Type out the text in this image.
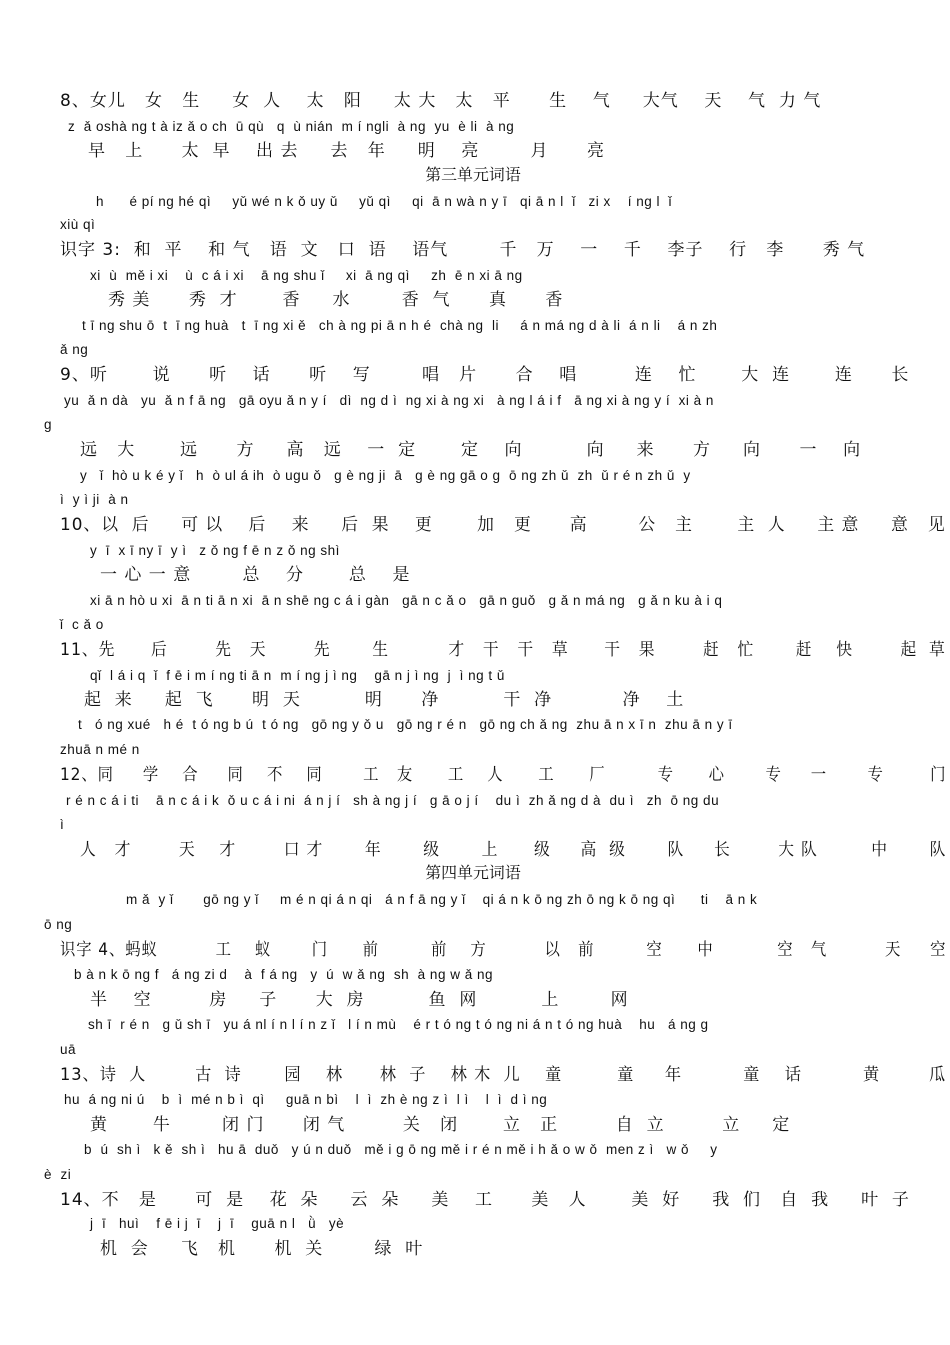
8、女儿   女   生     女  人    太   阳     太 大   太   平      生    气     大气    天    气  力 气
z  ǎ oshà ng t à iz ǎ o ch  ū qù   q  ù nián  m í ngli  à ng  yu  è li  à ng
早   上      太  早    出 去     去   年     明    亮        月      亮
第三单元词语
h      é pí ng hé qì     yǔ wé n k ǒ uy ǔ     yǔ qì     qi  ā n wà n y ī   qi ā n l  ǐ   zi x    í ng l  ǐ
xiù qì
识字 3:  和  平    和 气   语  文   口  语    语气        千   万    一    千    李子    行   李      秀 气
xi  ù  mě i xi    ù  c á i xi    ā ng shu ǐ     xi  ā ng qì     zh  ē n xi ā ng
秀 美      秀  才       香     水        香  气      真      香
t ī ng shu ō  t  ī ng huà   t  ī ng xi ě   ch à ng pi ā n h é  chà ng  li     á n má ng d à li  á n li    á n zh
ǎ ng
9、听       说      听    话      听    写        唱   片      合    唱         连    忙       大  连       连      长
yu  ǎ n dà   yu  ǎ n f ā ng   gā oyu ǎ n y í   dì  ng d ì  ng xi à ng xi   à ng l á i f   ā ng xi à ng y í  xi à n
g
远   大       远      方     高   远    一  定       定    向          向     来      方     向      一    向
y   ǐ  hò u k é y ǐ   h  ò ul á ih  ò ugu ǒ   g è ng ji  ā   g è ng gā o g  ō ng zh ǔ  zh  ǔ r é n zh ǔ  y
ì  y ì ji  à n
10、以  后     可 以    后    来     后  果    更       加   更      高        公   主       主  人     主 意     意   见
y  ī  x ī ny ī  y ì   z ǒ ng f ē n z ǒ ng shì
一 心 一 意        总    分       总    是
xi ā n hò u xi  ā n ti ā n xi  ā n shē ng c á i gàn   gā n c ǎ o   gā n guǒ   g ǎ n má ng   g ǎ n ku à i q
ǐ  c ǎ o
11、先      后        先   天        先       生          才   干   干   草      干   果        赶   忙       赶    快        起  草
qǐ  l á i q  ǐ  f ē i m í ng ti ā n  m í ng j ì ng    gā n j ì ng  j  ì ng t ǔ
起  来     起  飞      明  天          明      净          干  净           净    土
t   ó ng xué   h é  t ó ng b ú  t ó ng   gō ng y ǒ u   gō ng r é n   gō ng ch ǎ ng  zhu ā n x ī n  zhu ā n y ī
zhuā n mé n
12、同     学    合     同    不    同       工   友      工    人      工      厂         专      心       专     一       专        门
r é n c á i ti    ā n c á i k  ǒ u c á i ni  á n j í   sh à ng j í   g ā o j í    du ì  zh ǎ ng d à  du ì   zh  ō ng du
ì
人   才        天    才        口 才       年       级       上      级     高  级       队     长        大 队         中       队
第四单元词语
m ǎ  y ǐ       gō ng y ǐ     m é n qi á n qi   á n f ā ng y ǐ    qi á n k ō ng zh ō ng k ō ng qì      ti    ā n k
ō ng
识字 4、蚂蚁          工    蚁       门      前         前    方          以   前         空      中           空   气          天     空
b à n k ō ng f   á ng zi d    à  f á ng   y  ú  w ǎ ng  sh  à ng w ǎ ng
半    空         房     子      大  房          鱼  网          上        网
sh ī  r é n   g ǔ sh ī   yu á nl í n l í n z ǐ   l í n mù    é r t ó ng t ó ng ni á n t ó ng huà    hu   á ng g
uā
13、诗  人        古  诗       园    林      林  子    林 木  儿    童         童     年          童    话          黄        瓜
hu  á ng ni ú    b  ì  mé n b ì  qì     guā n bì    l  ì  zh è ng z ì  l ì    l  ì  d ì ng
黄       牛        闭 门      闭 气         关   闭       立   正         自  立         立     定
b  ú  sh ì   k ě  sh ì   hu ā  duǒ   y ú n duǒ   mě i g ō ng mě i r é n mě i h ǎ o w ǒ  men z ì   w ǒ     y
è  zi
14、不   是      可  是    花  朵     云  朵     美    工      美   人       美  好     我  们   自  我     叶  子
j  ī   huì    f ē i j  ī    j  ī    guā n l   ǜ   yè
机  会     飞   机      机  关        绿  叶
